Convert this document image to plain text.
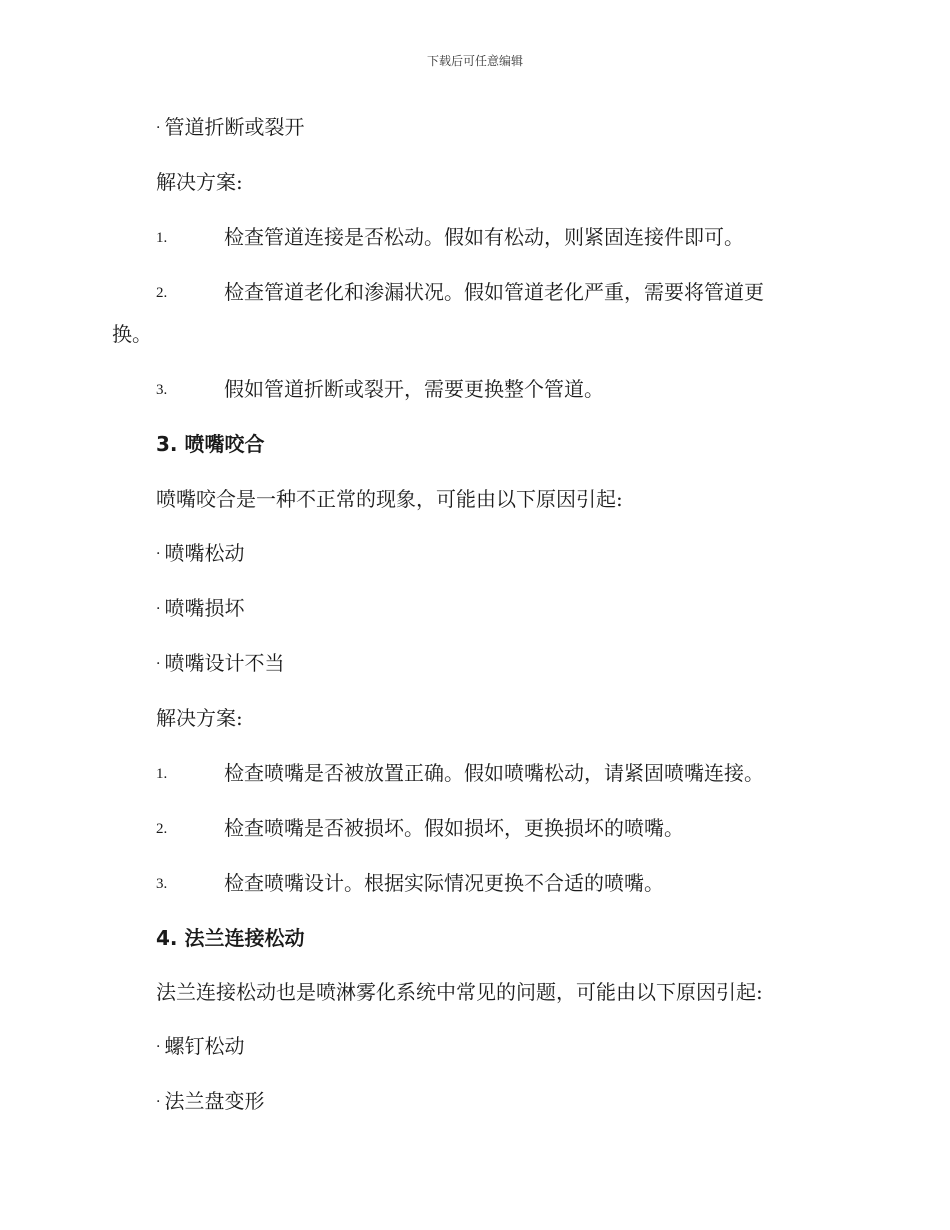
下载后可任意编辑
· 管道折断或裂开
解决方案:
1.	检查管道连接是否松动。假如有松动，则紧固连接件即可。
2.	检查管道老化和渗漏状况。假如管道老化严重，需要将管道更
换。
3.	假如管道折断或裂开，需要更换整个管道。
3. 喷嘴咬合
喷嘴咬合是一种不正常的现象，可能由以下原因引起:
· 喷嘴松动
· 喷嘴损坏
· 喷嘴设计不当
解决方案:
1.	检查喷嘴是否被放置正确。假如喷嘴松动，请紧固喷嘴连接。
2.	检查喷嘴是否被损坏。假如损坏，更换损坏的喷嘴。
3.	检查喷嘴设计。根据实际情况更换不合适的喷嘴。
4. 法兰连接松动
法兰连接松动也是喷淋雾化系统中常见的问题，可能由以下原因引起:
· 螺钉松动
· 法兰盘变形
